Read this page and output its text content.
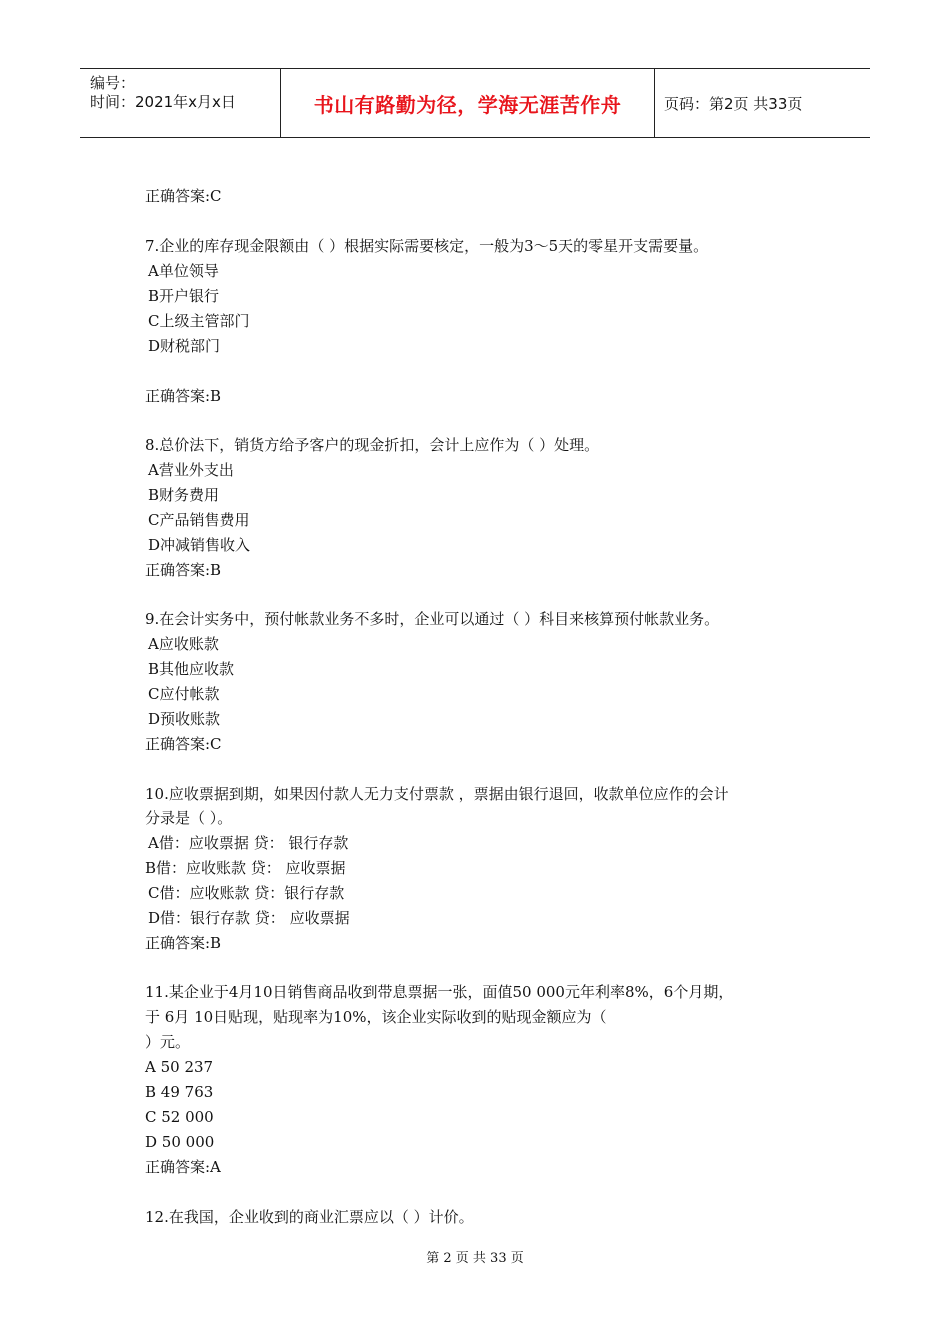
编号：
时间：2021年x月x日	书山有路勤为径，学海无涯苦作舟	页码：第2页 共33页
正确答案:C
7.企业的库存现金限额由（ ）根据实际需要核定，一般为3～5天的零星开支需要量。
A单位领导
B开户银行
C上级主管部门
D财税部门
正确答案:B
8.总价法下，销货方给予客户的现金折扣，会计上应作为（ ）处理。
A营业外支出
B财务费用
C产品销售费用
D冲减销售收入
正确答案:B
9.在会计实务中，预付帐款业务不多时，企业可以通过（ ）科目来核算预付帐款业务。
A应收账款
B其他应收款
C应付帐款
D预收账款
正确答案:C
10.应收票据到期，如果因付款人无力支付票款 ，票据由银行退回，收款单位应作的会计
分录是（ ）。
A借：应收票据 贷： 银行存款
B借：应收账款 贷： 应收票据
C借：应收账款 贷：银行存款
D借：银行存款 贷： 应收票据
正确答案:B
11.某企业于4月10日销售商品收到带息票据一张，面值50 000元年利率8%，6个月期，
于 6月 10日贴现，贴现率为10%，该企业实际收到的贴现金额应为（
）元。
A 50 237
B 49 763
C 52 000
D 50 000
正确答案:A
12.在我国，企业收到的商业汇票应以（ ）计价。
第 2 页 共 33 页
